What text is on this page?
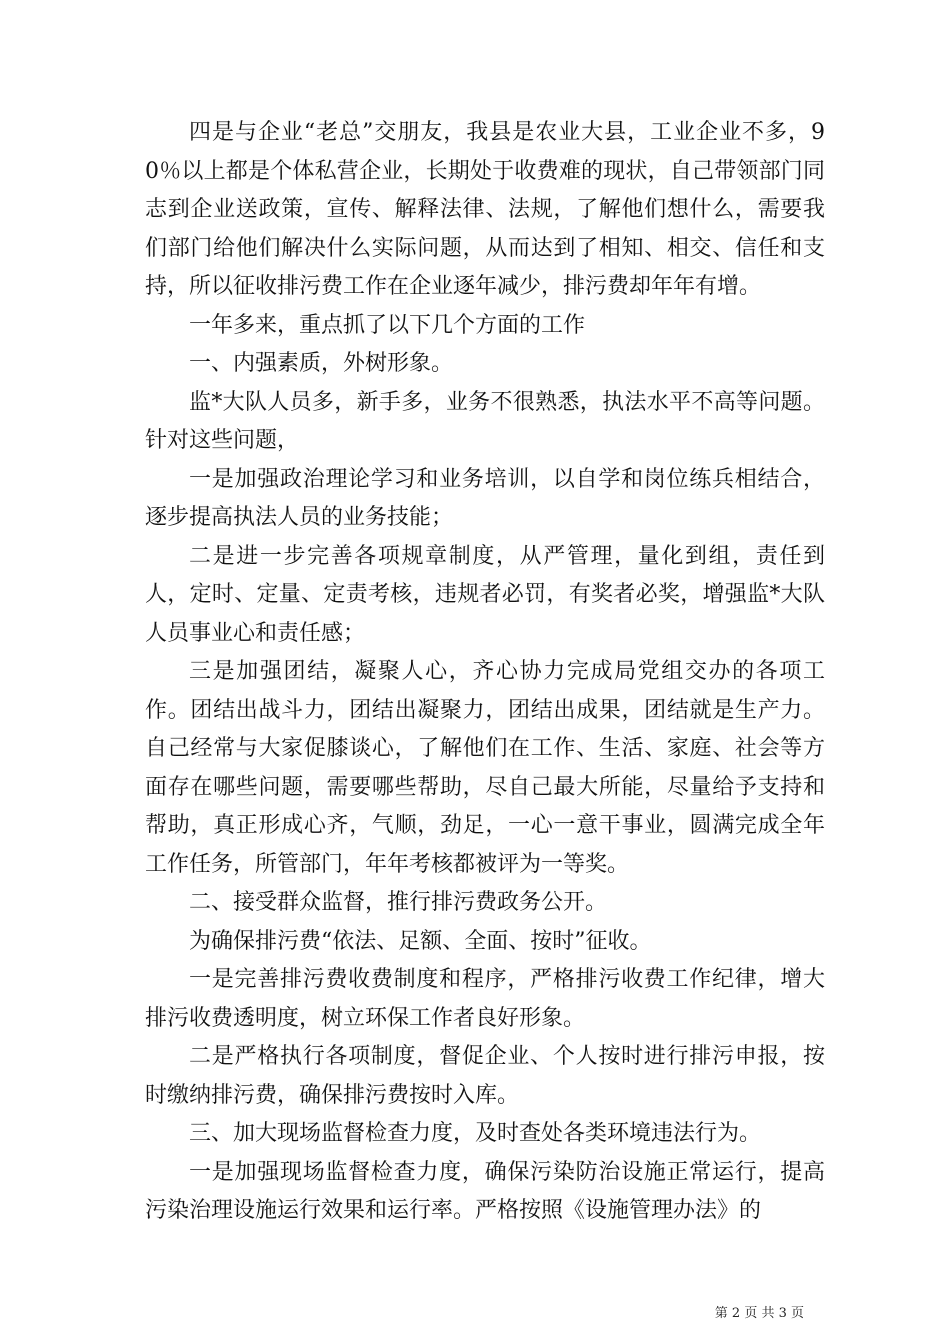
四是与企业“老总”交朋友，我县是农业大县，工业企业不多，90％以上都是个体私营企业，长期处于收费难的现状，自己带领部门同志到企业送政策，宣传、解释法律、法规，了解他们想什么，需要我们部门给他们解决什么实际问题，从而达到了相知、相交、信任和支持，所以征收排污费工作在企业逐年减少，排污费却年年有增。

一年多来，重点抓了以下几个方面的工作

一、内强素质，外树形象。

监*大队人员多，新手多，业务不很熟悉，执法水平不高等问题。针对这些问题，

一是加强政治理论学习和业务培训，以自学和岗位练兵相结合，逐步提高执法人员的业务技能；

二是进一步完善各项规章制度，从严管理，量化到组，责任到人，定时、定量、定责考核，违规者必罚，有奖者必奖，增强监*大队人员事业心和责任感；

三是加强团结，凝聚人心，齐心协力完成局党组交办的各项工作。团结出战斗力，团结出凝聚力，团结出成果，团结就是生产力。自己经常与大家促膝谈心，了解他们在工作、生活、家庭、社会等方面存在哪些问题，需要哪些帮助，尽自己最大所能，尽量给予支持和帮助，真正形成心齐，气顺，劲足，一心一意干事业，圆满完成全年工作任务，所管部门，年年考核都被评为一等奖。

二、接受群众监督，推行排污费政务公开。

为确保排污费“依法、足额、全面、按时”征收。

一是完善排污费收费制度和程序，严格排污收费工作纪律，增大排污收费透明度，树立环保工作者良好形象。

二是严格执行各项制度，督促企业、个人按时进行排污申报，按时缴纳排污费，确保排污费按时入库。

三、加大现场监督检查力度，及时查处各类环境违法行为。

一是加强现场监督检查力度，确保污染防治设施正常运行，提高污染治理设施运行效果和运行率。严格按照《设施管理办法》的

第 2 页 共 3 页
